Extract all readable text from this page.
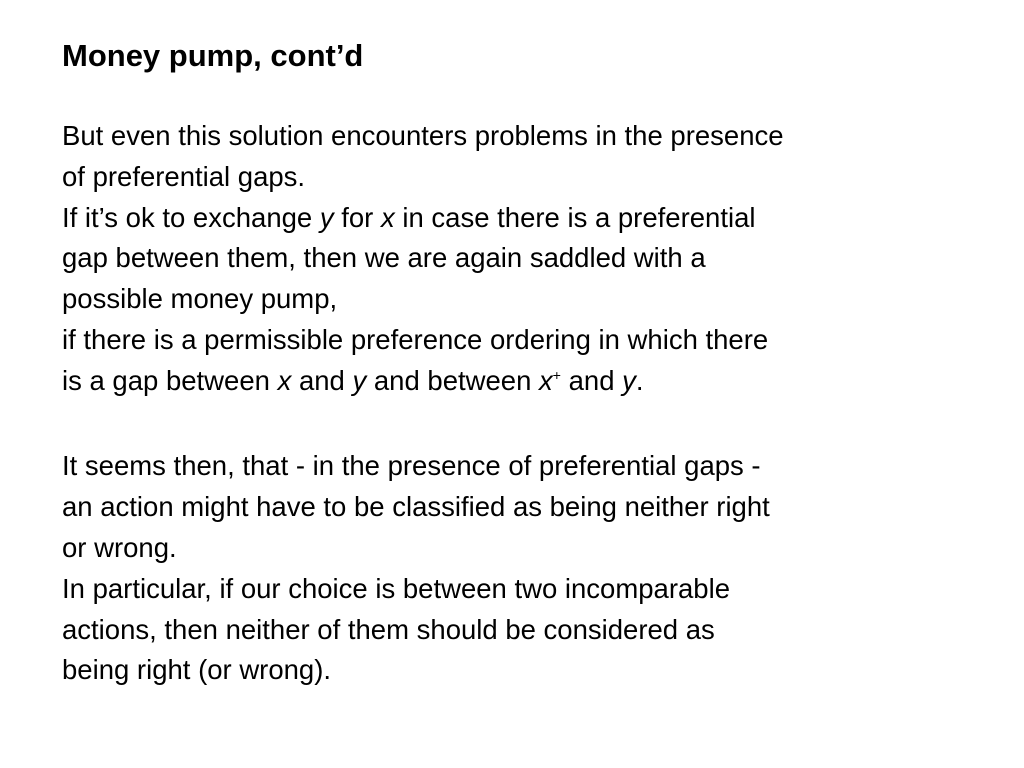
Money pump, cont’d
But even this solution encounters problems in the presence
of preferential gaps.
If it’s ok to exchange y for x in case there is a preferential
gap between them, then we are again saddled with a
possible money pump,
if there is a permissible preference ordering in which there
is a gap between x and y and between x+ and y.
It seems then, that - in the presence of preferential gaps -
an action might have to be classified as being neither right
or wrong.
In particular, if our choice is between two incomparable
actions, then neither of them should be considered as
being right (or wrong).
